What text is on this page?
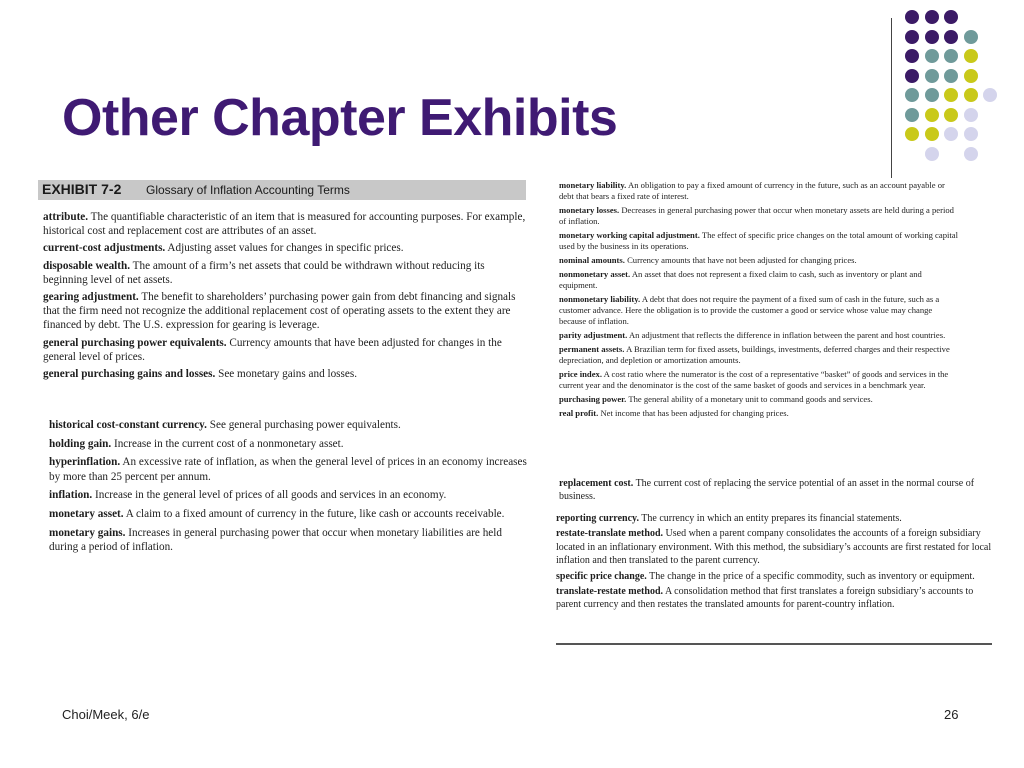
Other Chapter Exhibits
EXHIBIT 7-2 Glossary of Inflation Accounting Terms

attribute. The quantifiable characteristic of an item that is measured for accounting purposes. For example, historical cost and replacement cost are attributes of an asset.

current-cost adjustments. Adjusting asset values for changes in specific prices.

disposable wealth. The amount of a firm’s net assets that could be withdrawn without reducing its beginning level of net assets.

gearing adjustment. The benefit to shareholders’ purchasing power gain from debt financing and signals that the firm need not recognize the additional replacement cost of operating assets to the extent they are financed by debt. The U.S. expression for gearing is leverage.

general purchasing power equivalents. Currency amounts that have been adjusted for changes in the general level of prices.

general purchasing gains and losses. See monetary gains and losses.

historical cost-constant currency. See general purchasing power equivalents.

holding gain. Increase in the current cost of a nonmonetary asset.

hyperinflation. An excessive rate of inflation, as when the general level of prices in an economy increases by more than 25 percent per annum.

inflation. Increase in the general level of prices of all goods and services in an economy.

monetary asset. A claim to a fixed amount of currency in the future, like cash or accounts receivable.

monetary gains. Increases in general purchasing power that occur when monetary liabilities are held during a period of inflation.

monetary liability. An obligation to pay a fixed amount of currency in the future, such as an account payable or debt that bears a fixed rate of interest.

monetary losses. Decreases in general purchasing power that occur when monetary assets are held during a period of inflation.

monetary working capital adjustment. The effect of specific price changes on the total amount of working capital used by the business in its operations.

nominal amounts. Currency amounts that have not been adjusted for changing prices.

nonmonetary asset. An asset that does not represent a fixed claim to cash, such as inventory or plant and equipment.

nonmonetary liability. A debt that does not require the payment of a fixed sum of cash in the future, such as a customer advance. Here the obligation is to provide the customer a good or service whose value may change because of inflation.

parity adjustment. An adjustment that reflects the difference in inflation between the parent and host countries.

permanent assets. A Brazilian term for fixed assets, buildings, investments, deferred charges and their respective depreciation, and depletion or amortization amounts.

price index. A cost ratio where the numerator is the cost of a representative “basket” of goods and services in the current year and the denominator is the cost of the same basket of goods and services in a benchmark year.

purchasing power. The general ability of a monetary unit to command goods and services.

real profit. Net income that has been adjusted for changing prices.

replacement cost. The current cost of replacing the service potential of an asset in the normal course of business.

reporting currency. The currency in which an entity prepares its financial statements.

restate-translate method. Used when a parent company consolidates the accounts of a foreign subsidiary located in an inflationary environment. With this method, the subsidiary’s accounts are first restated for local inflation and then translated to the parent currency.

specific price change. The change in the price of a specific commodity, such as inventory or equipment.

translate-restate method. A consolidation method that first translates a foreign subsidiary’s accounts to parent currency and then restates the translated amounts for parent-country inflation.

Choi/Meek, 6/e	26
